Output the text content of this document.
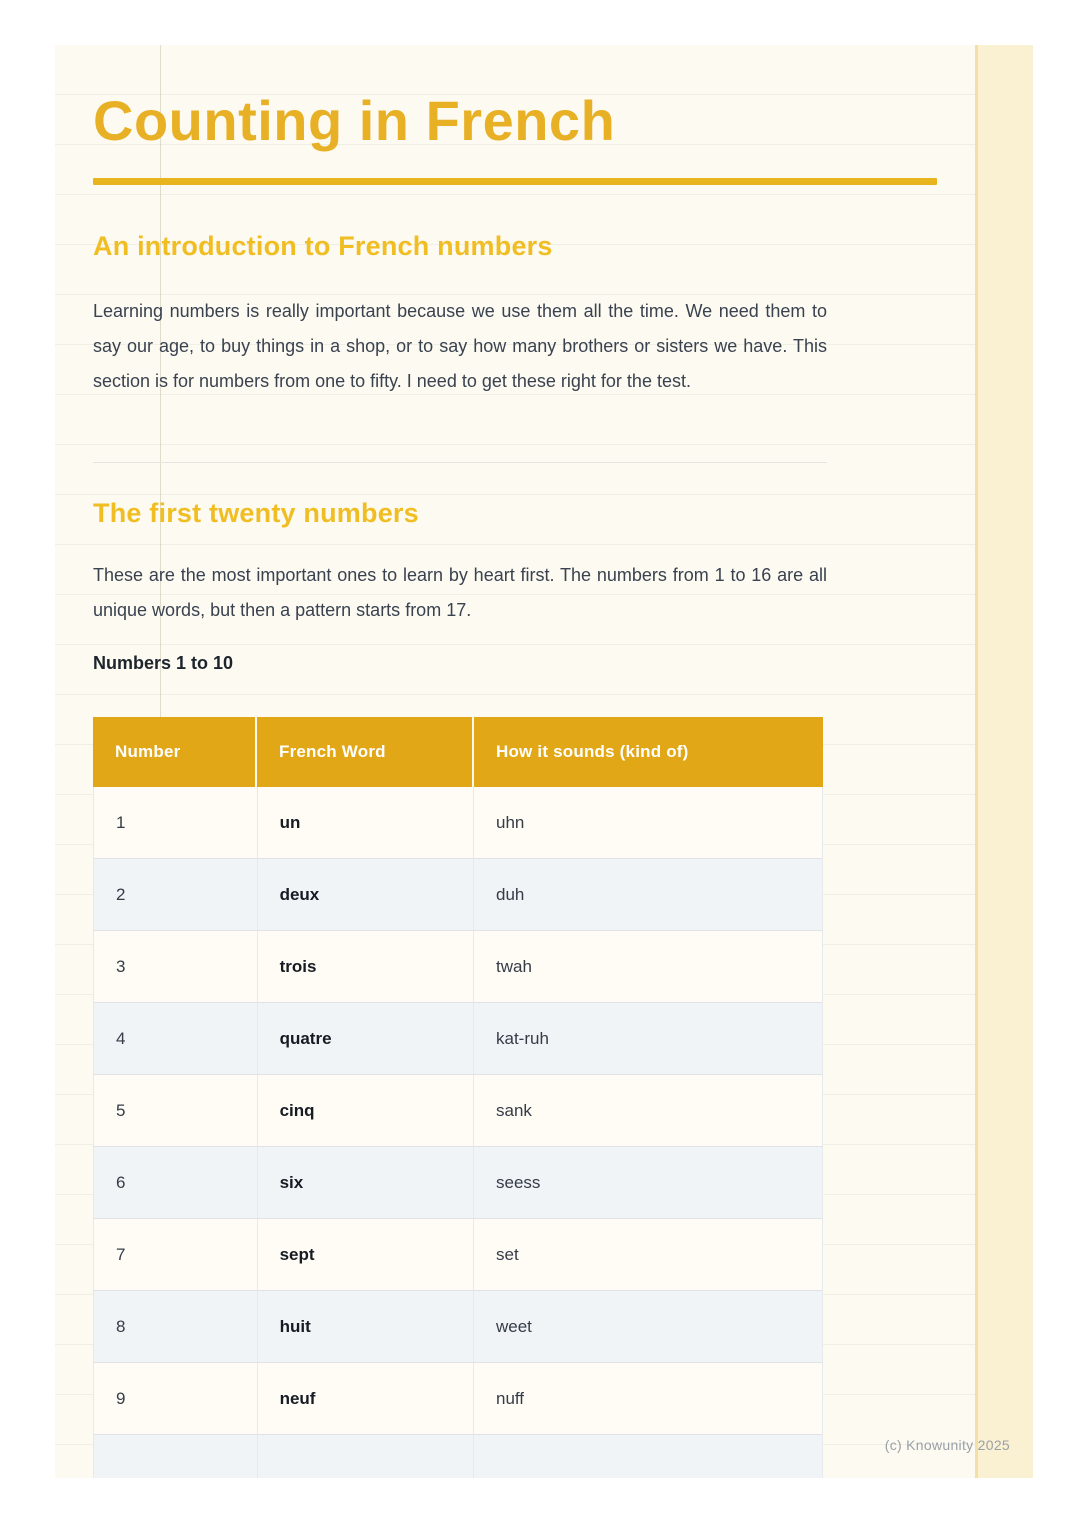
Counting in French
An introduction to French numbers

Learning numbers is really important because we use them all the time. We need them to say our age, to buy things in a shop, or to say how many brothers or sisters we have. This section is for numbers from one to fifty. I need to get these right for the test.

The first twenty numbers

These are the most important ones to learn by heart first. The numbers from 1 to 16 are all unique words, but then a pattern starts from 17.

Numbers 1 to 10
Number	French Word	How it sounds (kind of)
1	un	uhn
2	deux	duh
3	trois	twah
4	quatre	kat-ruh
5	cinq	sank
6	six	seess
7	sept	set
8	huit	weet
9	neuf	nuff
(c) Knowunity 2025
